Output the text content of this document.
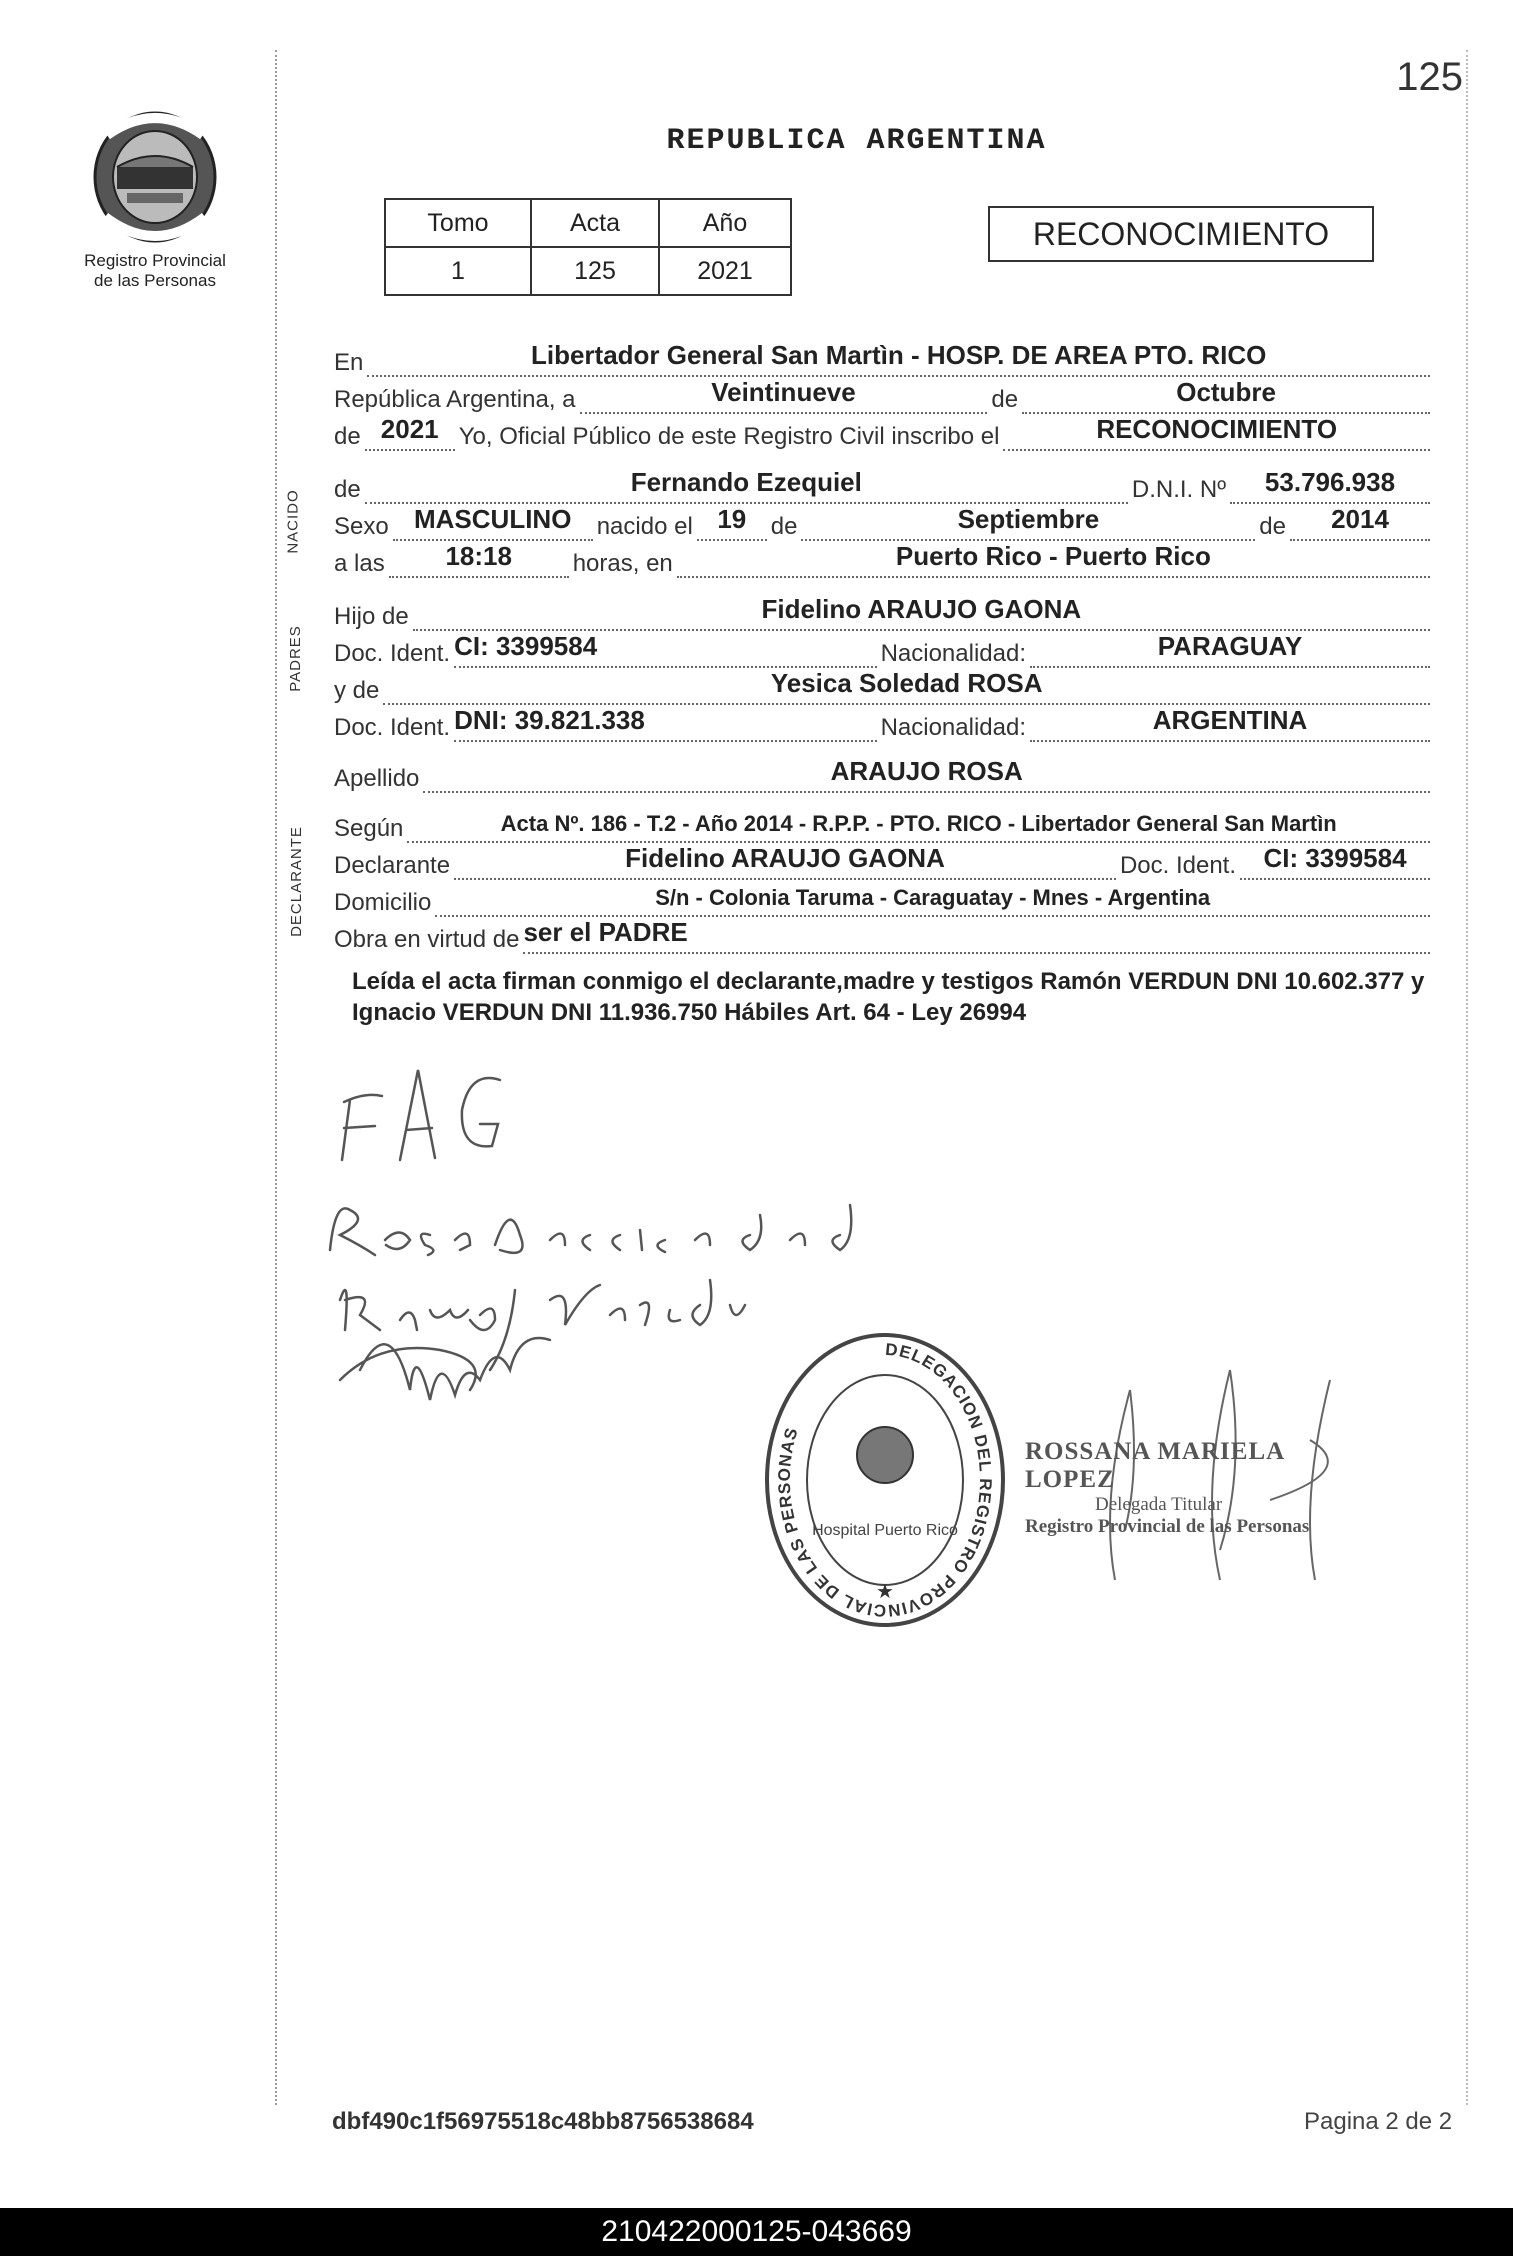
125
Registro Provincial
de las Personas
REPUBLICA ARGENTINA
Tomo	Acta	Año
1	125	2021
RECONOCIMIENTO
NACIDO
PADRES
DECLARANTE
En	Libertador General San Martìn - HOSP. DE AREA PTO. RICO
República Argentina, a	Veintinueve	de	Octubre
de 2021 Yo, Oficial Público de este Registro Civil inscribo el	RECONOCIMIENTO
de	Fernando Ezequiel	D.N.I. Nº	53.796.938
Sexo MASCULINO	nacido el 19	de	Septiembre	de	2014
a las	18:18	horas, en	Puerto Rico - Puerto Rico
Hijo de	Fidelino ARAUJO GAONA
Doc. Ident. CI: 3399584	Nacionalidad:	PARAGUAY
y de	Yesica Soledad ROSA
Doc. Ident. DNI: 39.821.338	Nacionalidad:	ARGENTINA
Apellido	ARAUJO ROSA
Según	Acta Nº. 186 - T.2 - Año 2014 - R.P.P. - PTO. RICO - Libertador General San Martìn
Declarante	Fidelino ARAUJO GAONA	Doc. Ident.	CI: 3399584
Domicilio	S/n - Colonia Taruma - Caraguatay - Mnes - Argentina
Obra en virtud de ser el PADRE
Leída el acta firman conmigo el declarante,madre y testigos Ramón VERDUN DNI 10.602.377 y Ignacio VERDUN DNI 11.936.750 Hábiles Art. 64 - Ley 26994
DELEGACION DEL REGISTRO PROVINCIAL DE LAS PERSONAS
Hospital Puerto Rico
★
ROSSANA MARIELA LOPEZ
Delegada Titular
Registro Provincial de las Personas
dbf490c1f56975518c48bb8756538684	Pagina 2 de 2
210422000125-043669
